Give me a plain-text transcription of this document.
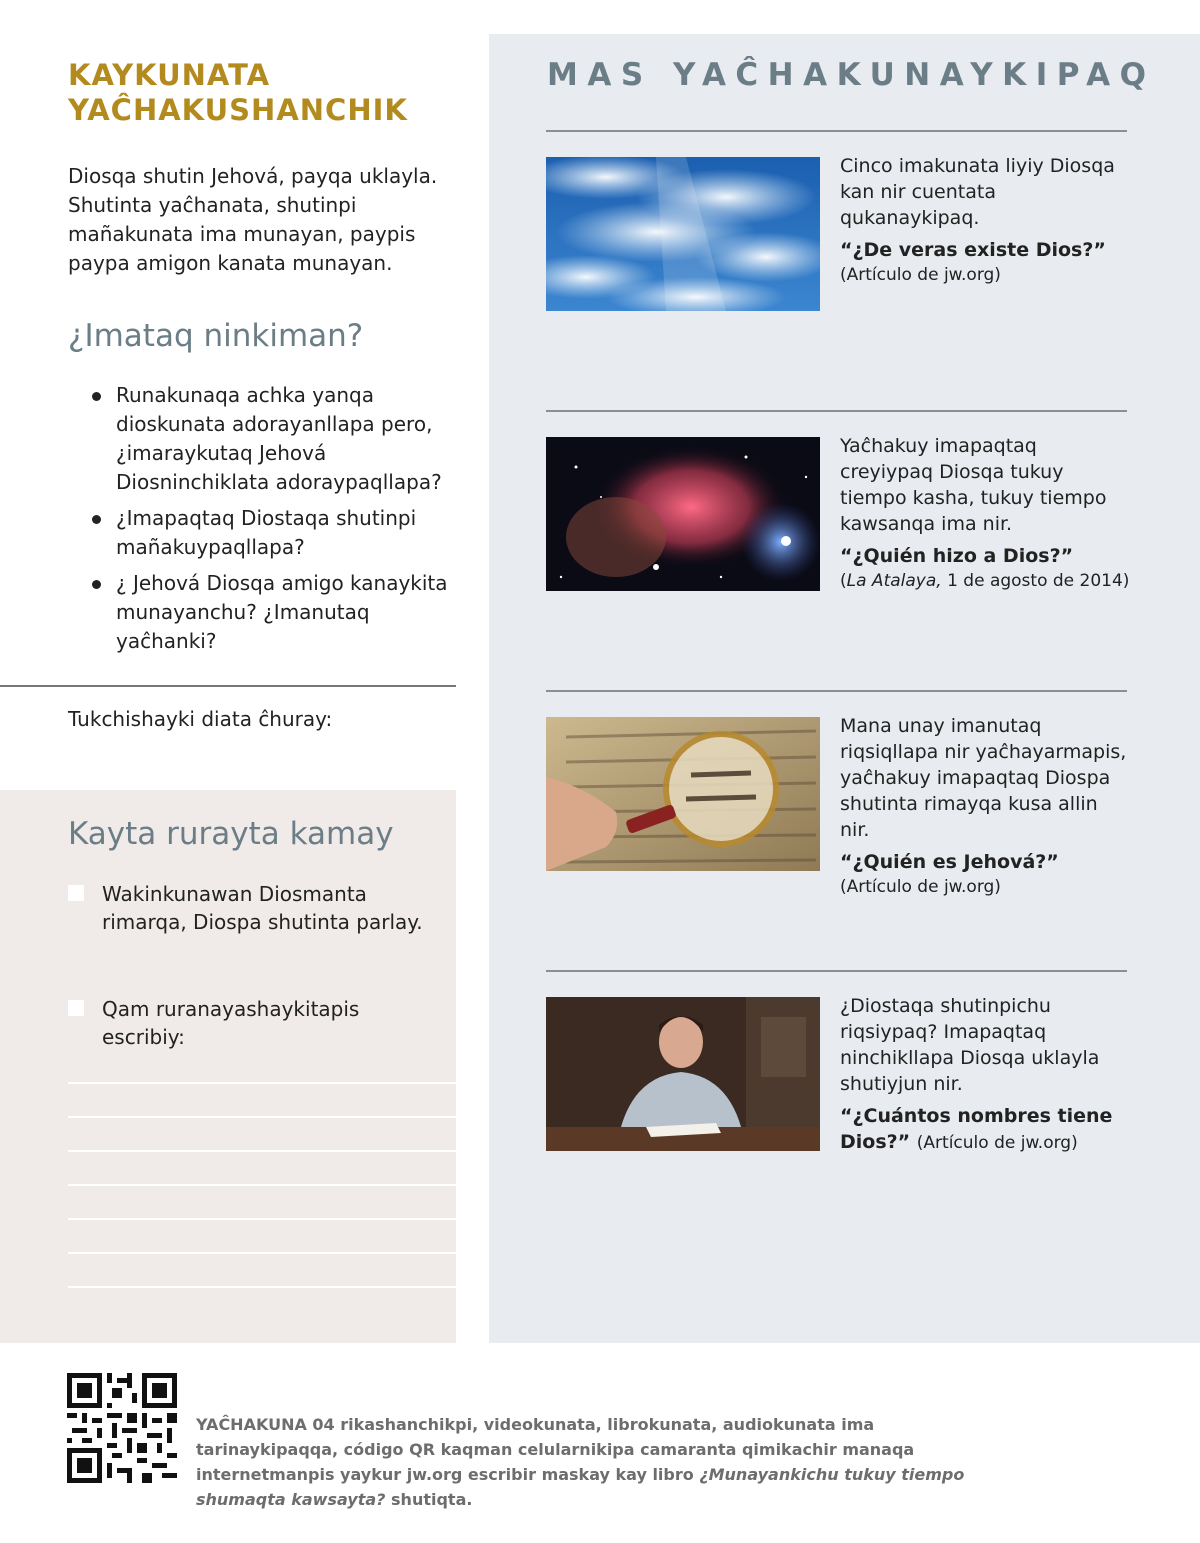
KAYKUNATA
YAĈHAKUSHANCHIK

Diosqa shutin Jehová, payqa uklayla. Shutinta yaĉhanata, shutinpi mañakunata ima munayan, paypis paypa amigon kanata munayan.

¿Imataq ninkiman?
Runakunaqa achka yanqa dioskunata adorayanllapa pero, ¿imaraykutaq Jehová Diosninchiklata adoraypaqllapa?
¿Imapaqtaq Diostaqa shutinpi mañakuypaqllapa?
¿ Jehová Diosqa amigo kanaykita munayanchu? ¿Imanutaq yaĉhanki?

Tukchishayki diata ĉhuray:

Kayta rurayta kamay
Wakinkunawan Diosmanta rimarqa, Diospa shutinta parlay.
Qam ruranayashaykitapis escribiy:
MAS YAĈHAKUNAYKIPAQ

Cinco imakunata liyiy Diosqa kan nir cuentata qukanaykipaq.

“¿De veras existe Dios?”

(Artículo de jw.org)

Yaĉhakuy imapaqtaq creyiypaq Diosqa tukuy tiempo kasha, tukuy tiempo kawsanqa ima nir.

“¿Quién hizo a Dios?”

(La Atalaya, 1 de agosto de 2014)

Mana unay imanutaq riqsiqllapa nir yaĉhayarmapis, yaĉhakuy imapaqtaq Diospa shutinta rimayqa kusa allin nir.

“¿Quién es Jehová?”

(Artículo de jw.org)

¿Diostaqa shutinpichu riqsiypaq? Imapaqtaq ninchikllapa Diosqa uklayla shutiyjun nir.

“¿Cuántos nombres tiene Dios?” (Artículo de jw.org)

YAĈHAKUNA 04 rikashanchikpi, videokunata, librokunata, audiokunata ima tarinaykipaqqa, código QR kaqman celularnikipa camaranta qimikachir manaqa internetmanpis yaykur jw.org escribir maskay kay libro ¿Munayankichu tukuy tiempo shumaqta kawsayta? shutiqta.
